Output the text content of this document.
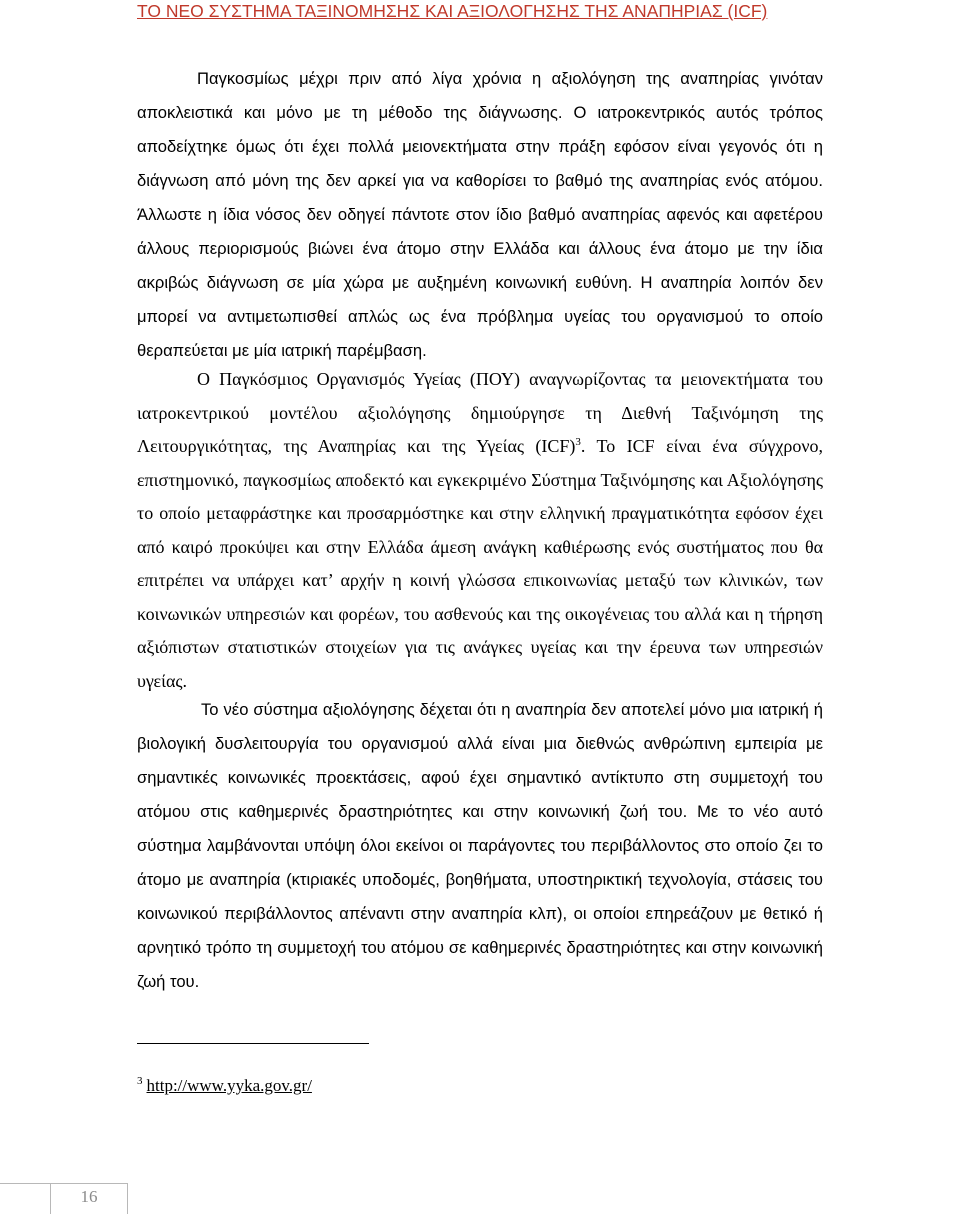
ΤΟ ΝΕΟ ΣΥΣΤΗΜΑ ΤΑΞΙΝΟΜΗΣΗΣ ΚΑΙ ΑΞΙΟΛΟΓΗΣΗΣ ΤΗΣ ΑΝΑΠΗΡΙΑΣ (ICF)

Παγκοσμίως μέχρι πριν από λίγα χρόνια η αξιολόγηση της αναπηρίας γινόταν αποκλειστικά και μόνο με τη μέθοδο της διάγνωσης. Ο ιατροκεντρικός αυτός τρόπος αποδείχτηκε όμως ότι έχει πολλά μειονεκτήματα στην πράξη εφόσον είναι γεγονός ότι η διάγνωση από μόνη της δεν αρκεί για να καθορίσει το βαθμό της αναπηρίας ενός ατόμου. Άλλωστε η ίδια νόσος δεν οδηγεί πάντοτε στον ίδιο βαθμό αναπηρίας αφενός και αφετέρου άλλους περιορισμούς βιώνει ένα άτομο στην Ελλάδα και άλλους ένα άτομο με την ίδια ακριβώς διάγνωση σε μία χώρα με αυξημένη κοινωνική ευθύνη. Η αναπηρία λοιπόν δεν μπορεί να αντιμετωπισθεί απλώς ως ένα πρόβλημα υγείας του οργανισμού το οποίο θεραπεύεται με μία ιατρική παρέμβαση.

Ο Παγκόσμιος Οργανισμός Υγείας (ΠΟΥ) αναγνωρίζοντας τα μειονεκτήματα του ιατροκεντρικού μοντέλου αξιολόγησης δημιούργησε τη Διεθνή Ταξινόμηση της Λειτουργικότητας, της Αναπηρίας και της Υγείας (ICF)$^3$. Το ICF είναι ένα σύγχρονο, επιστημονικό, παγκοσμίως αποδεκτό και εγκεκριμένο Σύστημα Ταξινόμησης και Αξιολόγησης το οποίο μεταφράστηκε και προσαρμόστηκε και στην ελληνική πραγματικότητα εφόσον έχει από καιρό προκύψει και στην Ελλάδα άμεση ανάγκη καθιέρωσης ενός συστήματος που θα επιτρέπει να υπάρχει κατ’ αρχήν η κοινή γλώσσα επικοινωνίας μεταξύ των κλινικών, των κοινωνικών υπηρεσιών και φορέων, του ασθενούς και της οικογένειας του αλλά και η τήρηση αξιόπιστων στατιστικών στοιχείων για τις ανάγκες υγείας και την έρευνα των υπηρεσιών υγείας.

Το νέο σύστημα αξιολόγησης δέχεται ότι η αναπηρία δεν αποτελεί μόνο μια ιατρική ή βιολογική δυσλειτουργία του οργανισμού αλλά είναι μια διεθνώς ανθρώπινη εμπειρία με σημαντικές κοινωνικές προεκτάσεις, αφού έχει σημαντικό αντίκτυπο στη συμμετοχή του ατόμου στις καθημερινές δραστηριότητες και στην κοινωνική ζωή του. Με το νέο αυτό σύστημα λαμβάνονται υπόψη όλοι εκείνοι οι παράγοντες του περιβάλλοντος στο οποίο ζει το άτομο με αναπηρία (κτιριακές υποδομές, βοηθήματα, υποστηρικτική τεχνολογία, στάσεις του κοινωνικού περιβάλλοντος απέναντι στην αναπηρία κλπ), οι οποίοι επηρεάζουν με θετικό ή αρνητικό τρόπο τη συμμετοχή του ατόμου σε καθημερινές δραστηριότητες και στην κοινωνική ζωή του.

$^3$ http://www.yyka.gov.gr/
16
